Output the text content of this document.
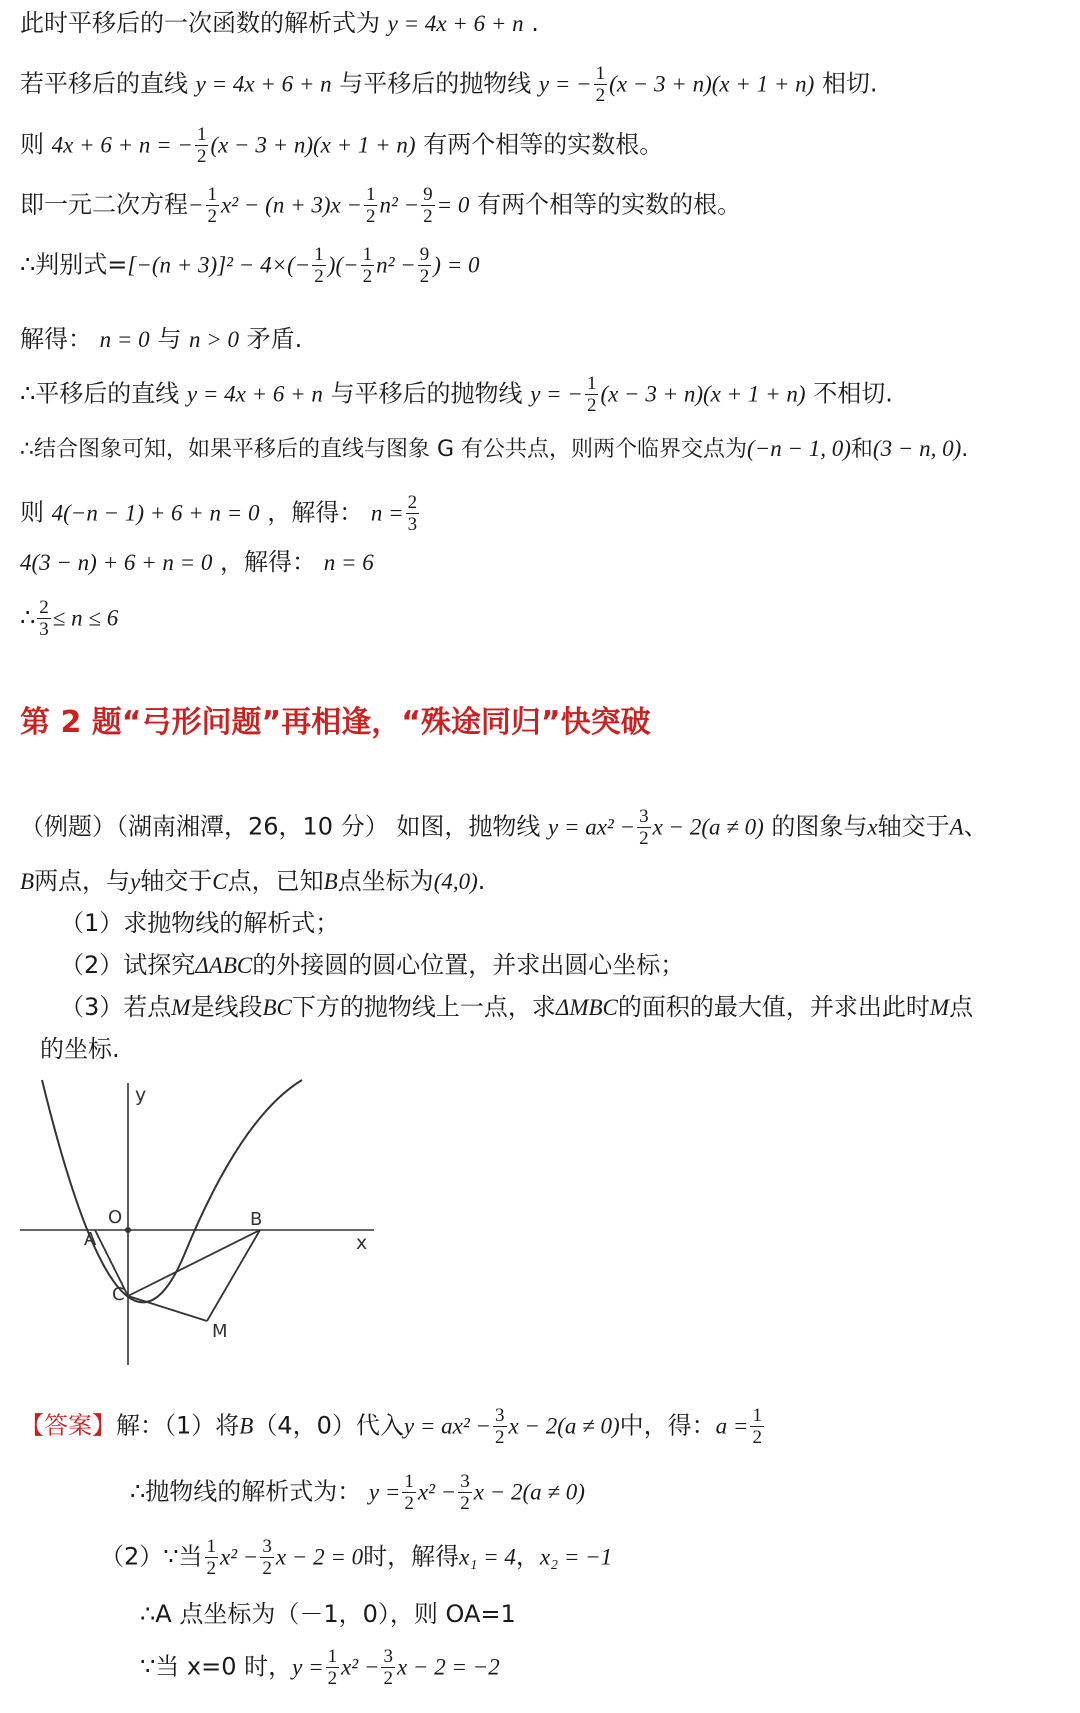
此时平移后的一次函数的解析式为 y = 4x + 6 + n .
若平移后的直线 y = 4x + 6 + n 与平移后的抛物线 y = − $\frac{1}{2} (x - 3 + n)(x + 1 + n)$ 相切.
则 4x + 6 + n = − $\frac{1}{2} (x - 3 + n)(x + 1 + n)$ 有两个相等的实数根。
即一元二次方程− $\frac{1}{2} x^2 - (n + 3)x - \frac{1}{2} n^2 - \frac{9}{2} = 0$ 有两个相等的实数的根。
∴判别式$=[-(n + 3)]^2 - 4\times(- \frac{1}{2}$ )(− $\frac{1}{2} n^2 - \frac{9}{2}$ ) = 0
解得： n = 0 与 n > 0 矛盾.
∴平移后的直线 y = 4x + 6 + n 与平移后的抛物线 y = − $\frac{1}{2} (x - 3 + n)(x + 1 + n)$ 不相切.
∴结合图象可知，如果平移后的直线与图象 G 有公共点，则两个临界交点为(−n − 1, 0)和(3 − n, 0).
则 4(−n − 1) + 6 + n = 0 ，解得： $n = \frac{2}{3}$
4(3 − n) + 6 + n = 0 ，解得： n = 6
∴ $\frac{2}{3} \le n \le 6$
第 2 题“弓形问题”再相逢，“殊途同归”快突破
（例题）（湖南湘潭，26，10 分） 如图，抛物线 $y = ax^2 - \frac{3}{2}$ x − 2(a ≠ 0) 的图象与x轴交于A、
B两点，与y轴交于C点，已知B点坐标为(4,0).
（1）求抛物线的解析式；
（2）试探究ΔABC的外接圆的圆心位置，并求出圆心坐标；
（3）若点M是线段BC下方的抛物线上一点，求ΔMBC的面积的最大值，并求出此时M点
的坐标.
y
x
O
A
B
C
M
【答案】解：（1）将B（4，0）代入$y = ax^2 - \frac{3}{2}$ x − 2(a ≠ 0)中，得：$a = \frac{1}{2}$
∴抛物线的解析式为： $y = \frac{1}{2} x^2 - \frac{3}{2}$ x − 2(a ≠ 0)
（2）∵当 $\frac{1}{2} x^2 - \frac{3}{2}$ x − 2 = 0时，解得x₁ = 4，x₂ = −1
∴A 点坐标为（－1，0），则 OA=1
∵当 x=0 时，$y = \frac{1}{2} x^2 - \frac{3}{2}$ x − 2 = −2
